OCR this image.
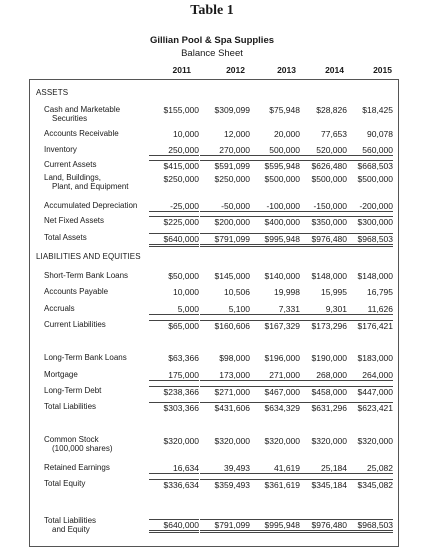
Table 1
Gillian Pool & Spa Supplies
Balance Sheet
2011	2012	2013	2014	2015
ASSETS
LIABILITIES AND EQUITIES
Cash and Marketable
Securities
$155,000	$309,099	$75,948	$28,826	$18,425
Accounts Receivable	10,000	12,000	20,000	77,653	90,078
Inventory	250,000	270,000	500,000	520,000	560,000
Current Assets	$415,000	$591,099	$595,948	$626,480	$668,503
Land, Buildings,
Plant, and Equipment
$250,000	$250,000	$500,000	$500,000	$500,000
Accumulated Depreciation	-25,000	-50,000	-100,000	-150,000	-200,000
Net Fixed Assets	$225,000	$200,000	$400,000	$350,000	$300,000
Total Assets	$640,000	$791,099	$995,948	$976,480	$968,503
Short-Term Bank Loans	$50,000	$145,000	$140,000	$148,000	$148,000
Accounts Payable	10,000	10,506	19,998	15,995	16,795
Accruals	5,000	5,100	7,331	9,301	11,626
Current Liabilities	$65,000	$160,606	$167,329	$173,296	$176,421
Long-Term Bank Loans	$63,366	$98,000	$196,000	$190,000	$183,000
Mortgage	175,000	173,000	271,000	268,000	264,000
Long-Term Debt	$238,366	$271,000	$467,000	$458,000	$447,000
Total Liabilities	$303,366	$431,606	$634,329	$631,296	$623,421
Common Stock
(100,000 shares)
$320,000	$320,000	$320,000	$320,000	$320,000
Retained Earnings	16,634	39,493	41,619	25,184	25,082
Total Equity	$336,634	$359,493	$361,619	$345,184	$345,082
Total Liabilities
and Equity	$640,000	$791,099	$995,948	$976,480	$968,503
